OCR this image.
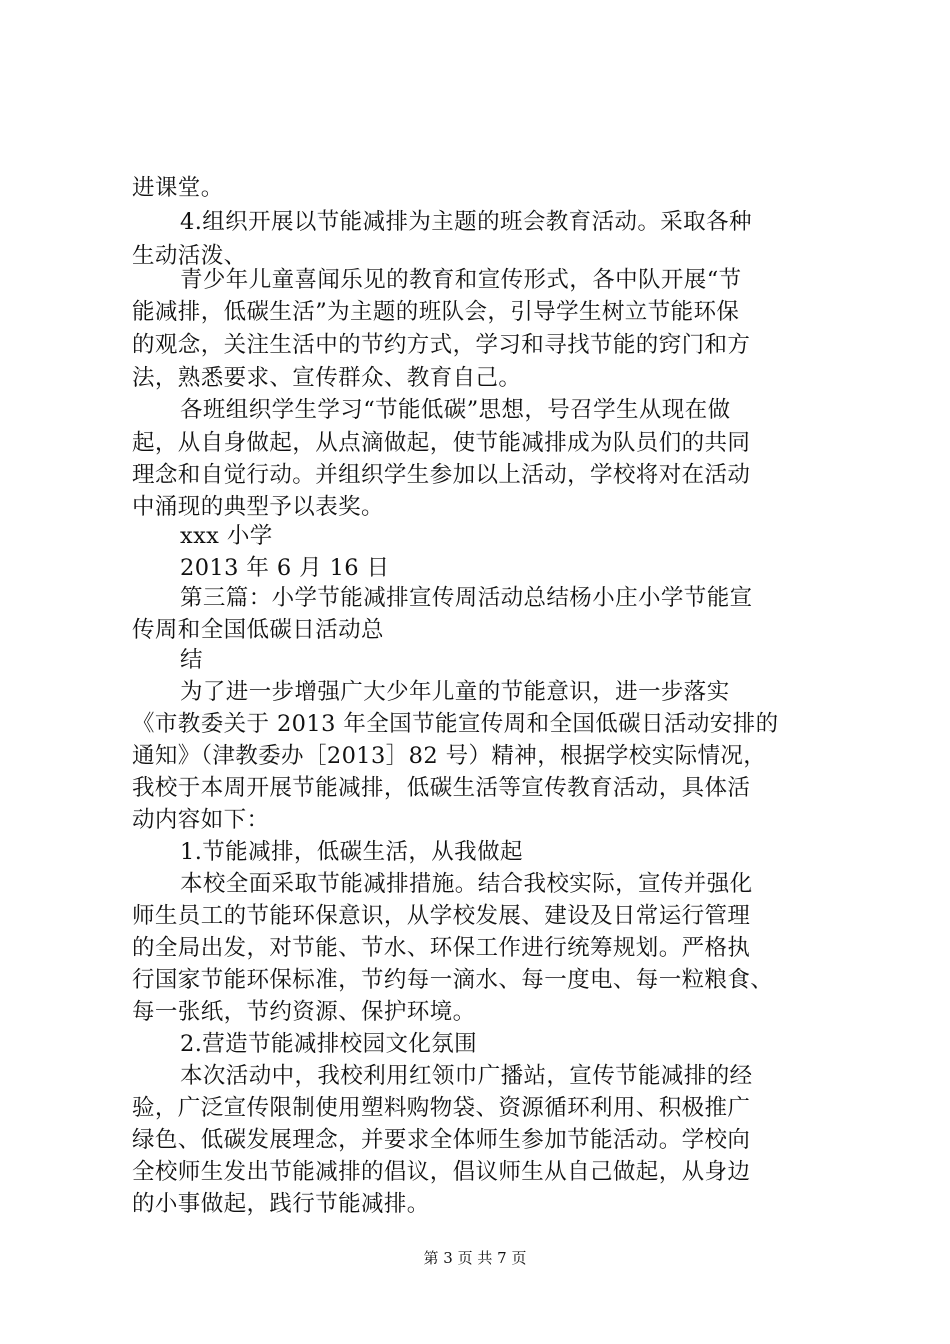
进课堂。
4.组织开展以节能减排为主题的班会教育活动。采取各种
生动活泼、
青少年儿童喜闻乐见的教育和宣传形式，各中队开展“节
能减排，低碳生活”为主题的班队会，引导学生树立节能环保
的观念，关注生活中的节约方式，学习和寻找节能的窍门和方
法，熟悉要求、宣传群众、教育自己。
各班组织学生学习“节能低碳”思想，号召学生从现在做
起，从自身做起，从点滴做起，使节能减排成为队员们的共同
理念和自觉行动。并组织学生参加以上活动，学校将对在活动
中涌现的典型予以表奖。
xxx 小学
2013 年 6 月 16 日
第三篇：小学节能减排宣传周活动总结杨小庄小学节能宣
传周和全国低碳日活动总
结
为了进一步增强广大少年儿童的节能意识，进一步落实
《市教委关于 2013 年全国节能宣传周和全国低碳日活动安排的
通知》（津教委办［2013］82 号）精神，根据学校实际情况，
我校于本周开展节能减排，低碳生活等宣传教育活动，具体活
动内容如下：
1.节能减排，低碳生活，从我做起
本校全面采取节能减排措施。结合我校实际，宣传并强化
师生员工的节能环保意识，从学校发展、建设及日常运行管理
的全局出发，对节能、节水、环保工作进行统筹规划。严格执
行国家节能环保标准，节约每一滴水、每一度电、每一粒粮食、
每一张纸，节约资源、保护环境。
2.营造节能减排校园文化氛围
本次活动中，我校利用红领巾广播站，宣传节能减排的经
验，广泛宣传限制使用塑料购物袋、资源循环利用、积极推广
绿色、低碳发展理念，并要求全体师生参加节能活动。学校向
全校师生发出节能减排的倡议，倡议师生从自己做起，从身边
的小事做起，践行节能减排。
第 3 页 共 7 页
